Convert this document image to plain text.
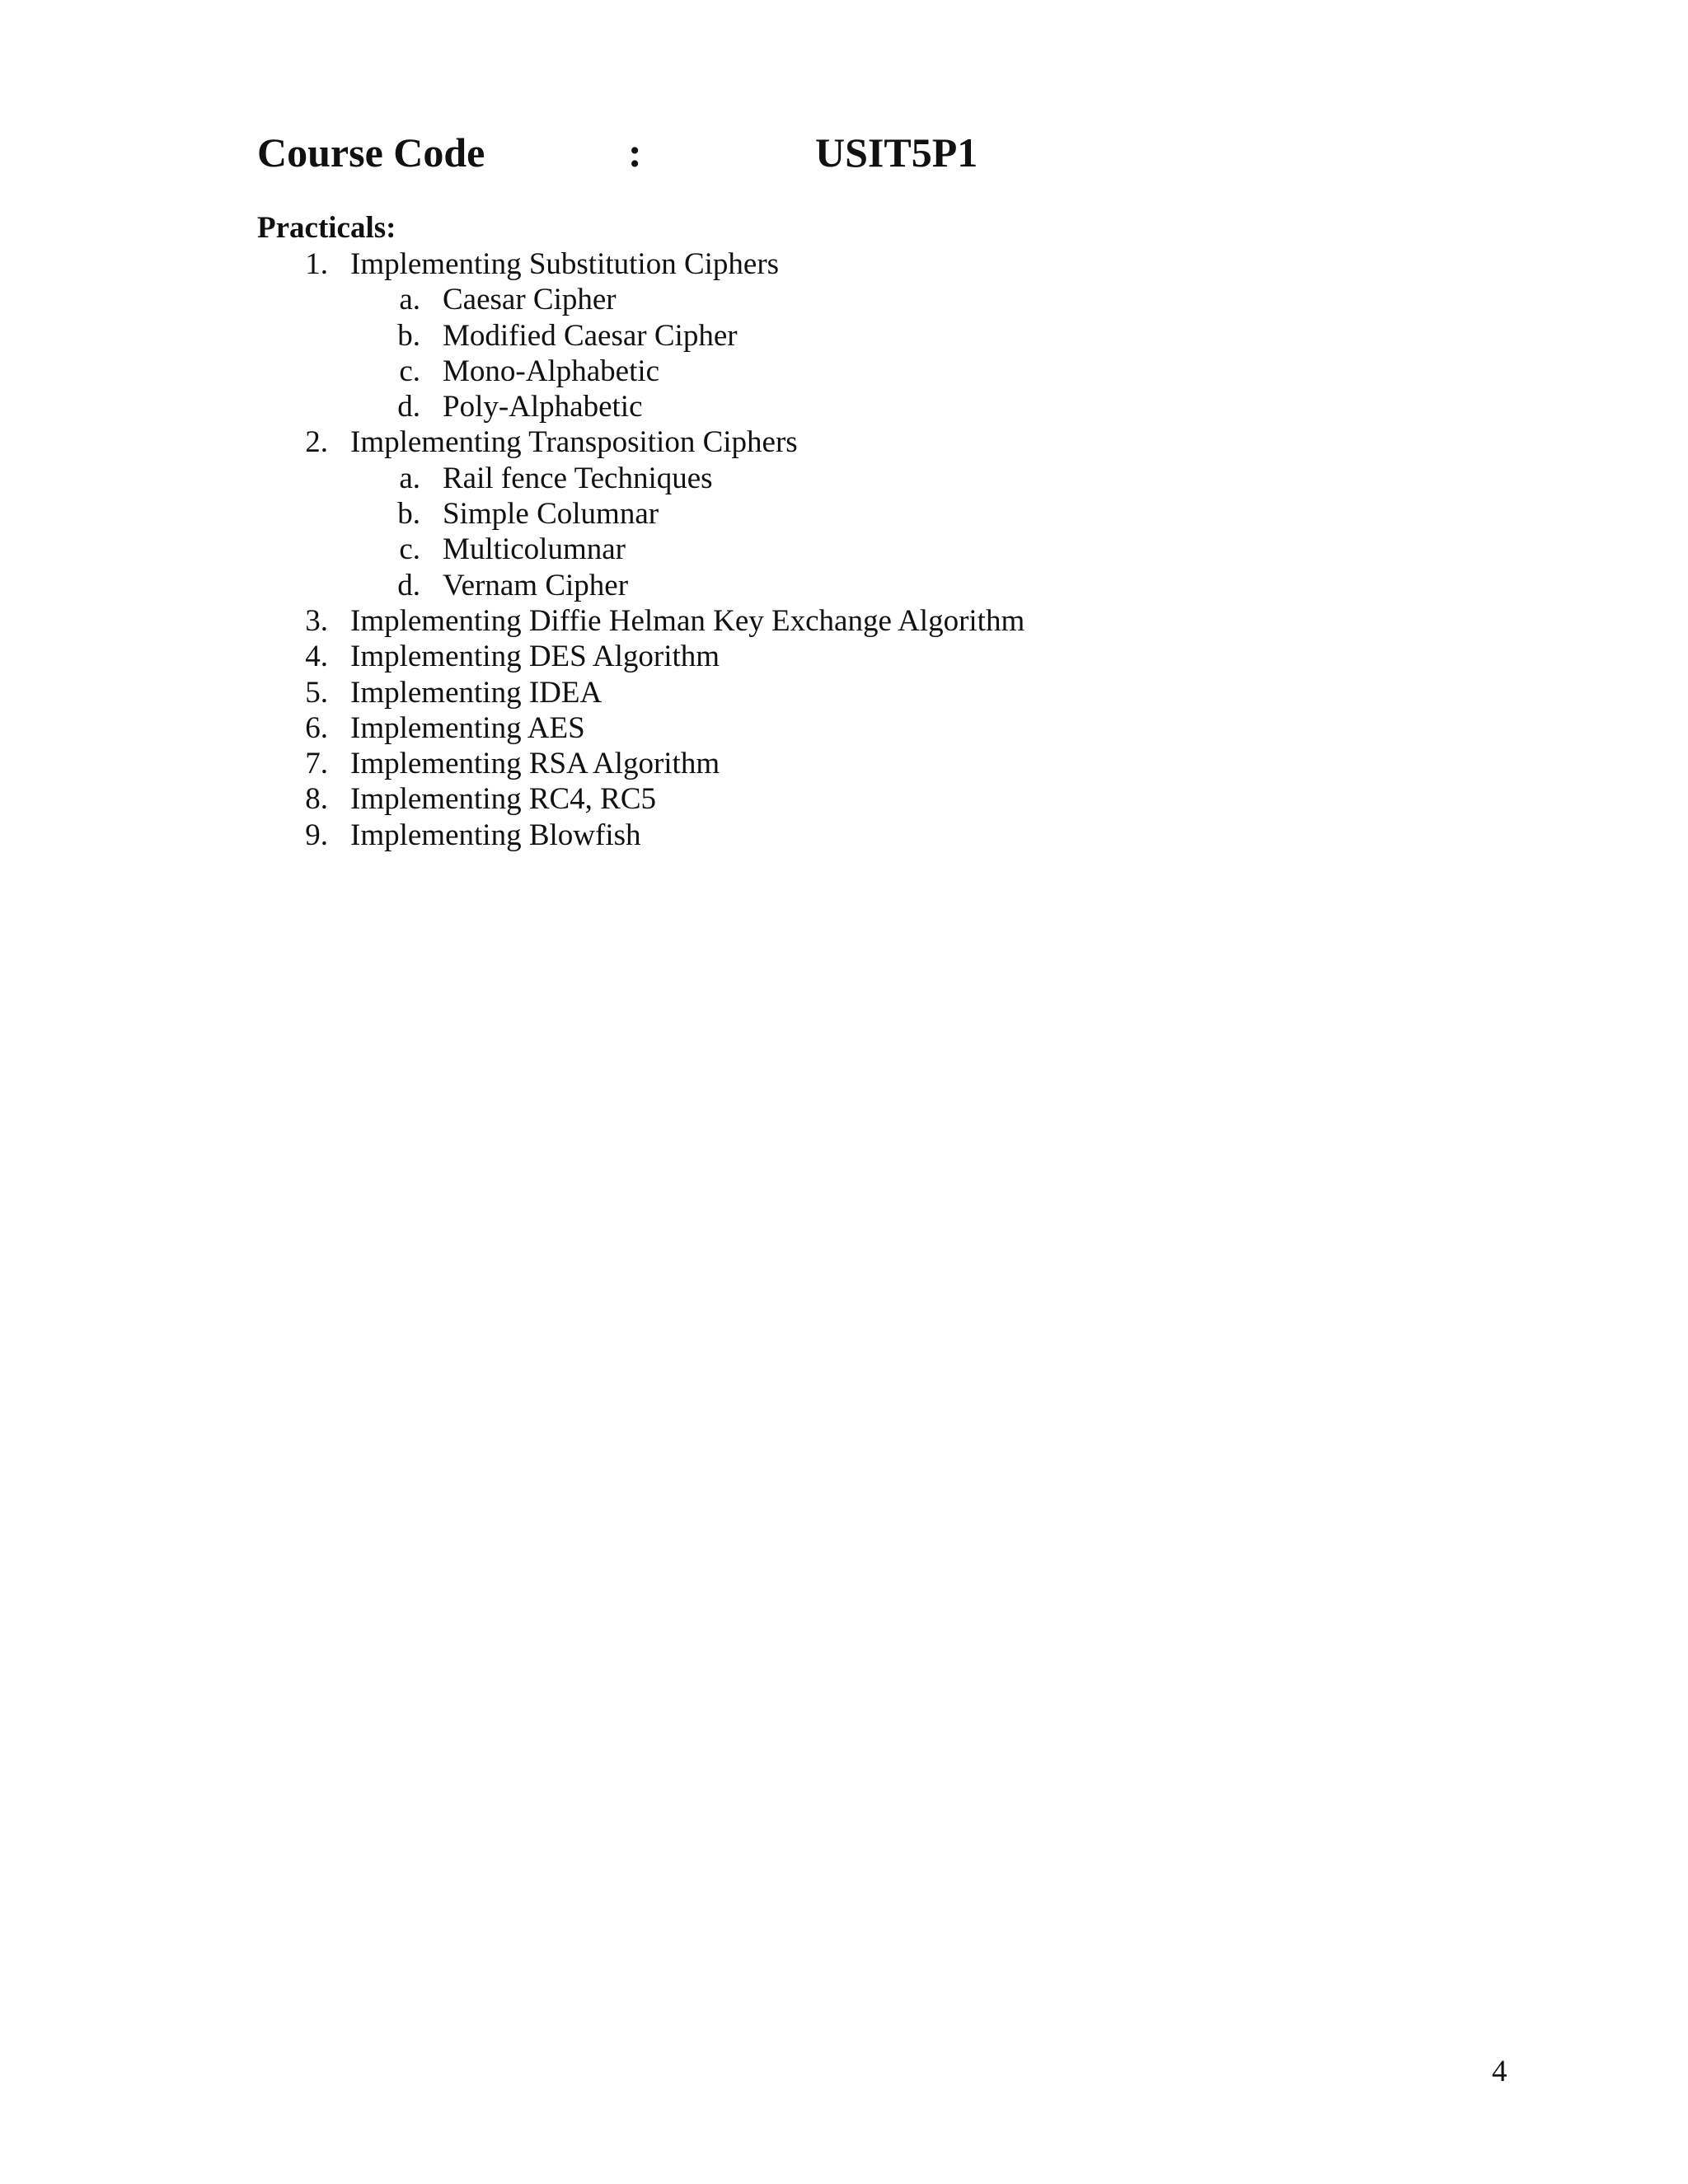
Course Code	:	USIT5P1
Practicals:
1. Implementing Substitution Ciphers
a. Caesar Cipher
b. Modified Caesar Cipher
c. Mono-Alphabetic
d. Poly-Alphabetic
2. Implementing Transposition Ciphers
a. Rail fence Techniques
b. Simple Columnar
c. Multicolumnar
d. Vernam Cipher
3. Implementing Diffie Helman Key Exchange Algorithm
4. Implementing DES Algorithm
5. Implementing IDEA
6. Implementing AES
7. Implementing RSA Algorithm
8. Implementing RC4, RC5
9. Implementing Blowfish
4
